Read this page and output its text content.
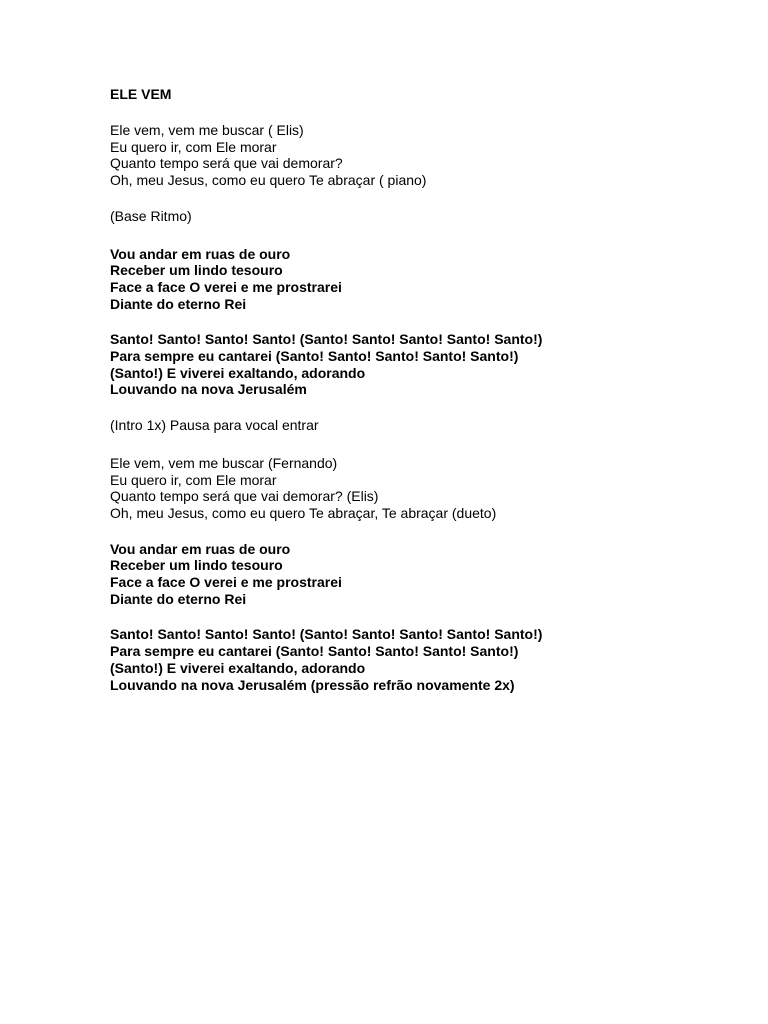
ELE VEM
Ele vem, vem me buscar ( Elis)
Eu quero ir, com Ele morar
Quanto tempo será que vai demorar?
Oh, meu Jesus, como eu quero Te abraçar ( piano)
(Base Ritmo)
Vou andar em ruas de ouro
Receber um lindo tesouro
Face a face O verei e me prostrarei
Diante do eterno Rei
Santo! Santo! Santo! Santo! (Santo! Santo! Santo! Santo! Santo!)
Para sempre eu cantarei (Santo! Santo! Santo! Santo! Santo!)
(Santo!) E viverei exaltando, adorando
Louvando na nova Jerusalém
(Intro 1x) Pausa para vocal entrar
Ele vem, vem me buscar (Fernando)
Eu quero ir, com Ele morar
Quanto tempo será que vai demorar? (Elis)
Oh, meu Jesus, como eu quero Te abraçar, Te abraçar (dueto)
Vou andar em ruas de ouro
Receber um lindo tesouro
Face a face O verei e me prostrarei
Diante do eterno Rei
Santo! Santo! Santo! Santo! (Santo! Santo! Santo! Santo! Santo!)
Para sempre eu cantarei (Santo! Santo! Santo! Santo! Santo!)
(Santo!) E viverei exaltando, adorando
Louvando na nova Jerusalém (pressão refrão novamente 2x)
